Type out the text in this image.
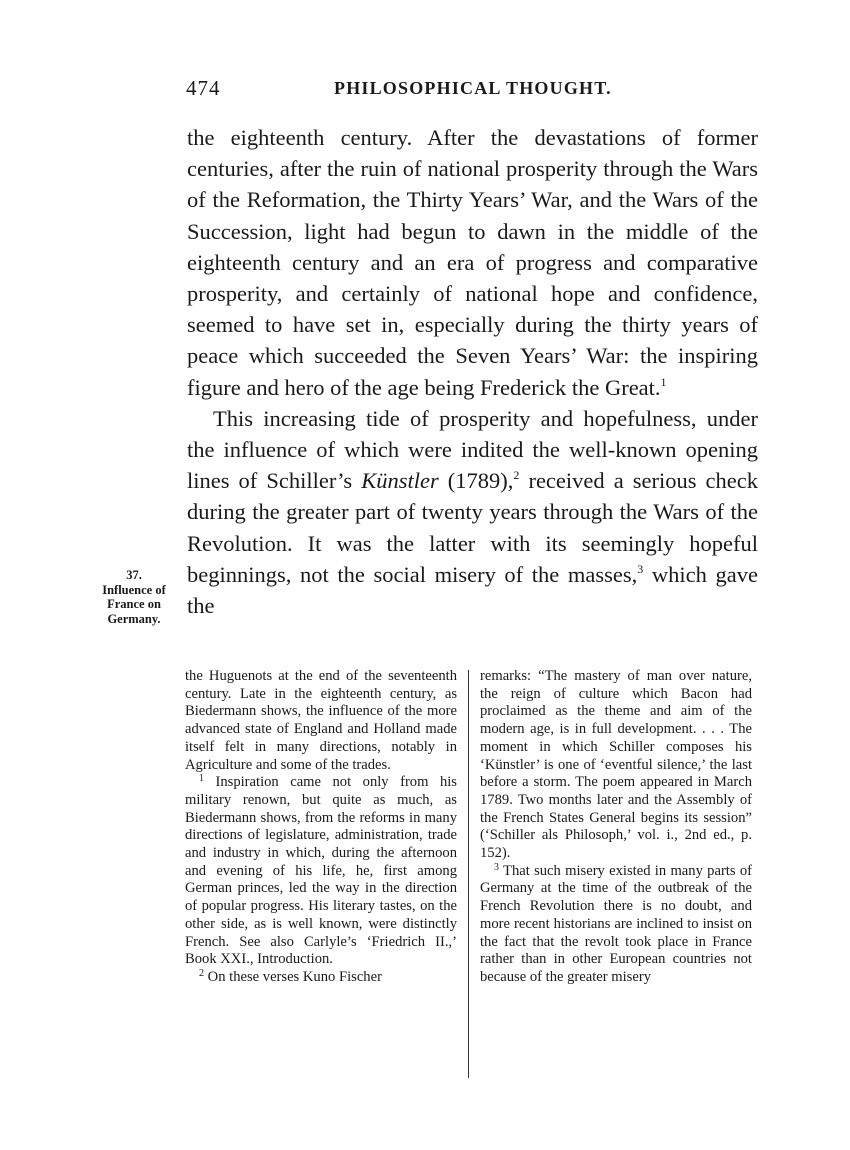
474	PHILOSOPHICAL THOUGHT.

the eighteenth century. After the devastations of former centuries, after the ruin of national prosperity through the Wars of the Reformation, the Thirty Years’ War, and the Wars of the Succession, light had begun to dawn in the middle of the eighteenth century and an era of progress and comparative prosperity, and certainly of national hope and confidence, seemed to have set in, especially during the thirty years of peace which succeeded the Seven Years’ War: the inspiring figure and hero of the age being Frederick the Great.$^1$

This increasing tide of prosperity and hopefulness, under the influence of which were indited the well-known opening lines of Schiller’s Künstler (1789),$^2$ received a serious check during the greater part of twenty years through the Wars of the Revolution. It was the latter with its seemingly hopeful beginnings, not the social misery of the masses,$^3$ which gave the

37.
Influence of France on Germany.

the Huguenots at the end of the seventeenth century. Late in the eighteenth century, as Biedermann shows, the influence of the more advanced state of England and Holland made itself felt in many directions, notably in Agriculture and some of the trades.

$^1$ Inspiration came not only from his military renown, but quite as much, as Biedermann shows, from the reforms in many directions of legislature, administration, trade and industry in which, during the afternoon and evening of his life, he, first among German princes, led the way in the direction of popular progress. His literary tastes, on the other side, as is well known, were distinctly French. See also Carlyle’s ‘Friedrich II.,’ Book XXI., Introduction.

$^2$ On these verses Kuno Fischer

remarks: “The mastery of man over nature, the reign of culture which Bacon had proclaimed as the theme and aim of the modern age, is in full development. . . . The moment in which Schiller composes his ‘Künstler’ is one of ‘eventful silence,’ the last before a storm. The poem appeared in March 1789. Two months later and the Assembly of the French States General begins its session” (‘Schiller als Philosoph,’ vol. i., 2nd ed., p. 152).

$^3$ That such misery existed in many parts of Germany at the time of the outbreak of the French Revolution there is no doubt, and more recent historians are inclined to insist on the fact that the revolt took place in France rather than in other European countries not because of the greater misery
